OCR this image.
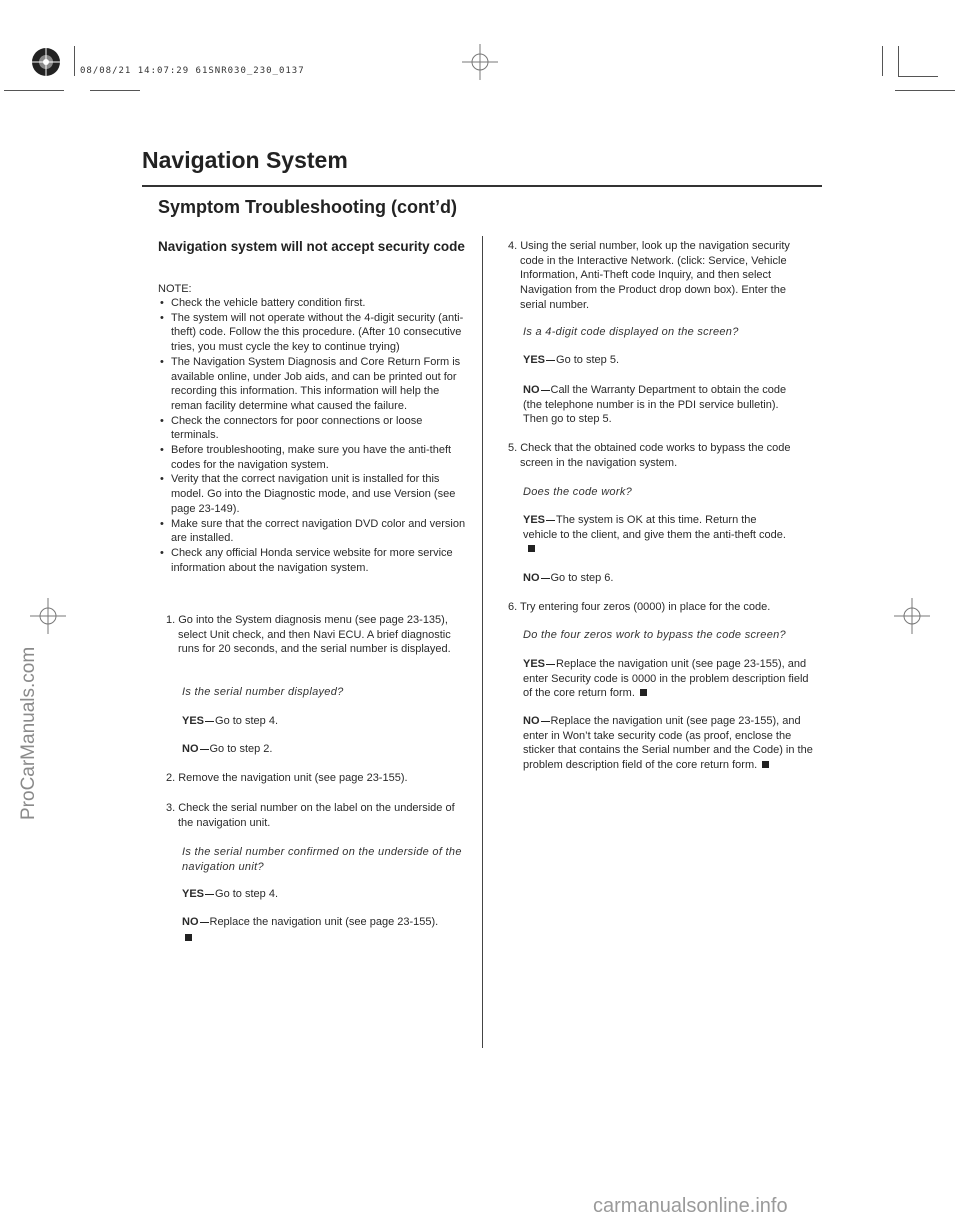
08/08/21 14:07:29 61SNR030_230_0137
ProCarManuals.com
Navigation System
Symptom Troubleshooting (cont’d)
Navigation system will not accept security code
NOTE:
• Check the vehicle battery condition first.
• The system will not operate without the 4-digit security (anti-theft) code. Follow the this procedure. (After 10 consecutive tries, you must cycle the key to continue trying)
• The Navigation System Diagnosis and Core Return Form is available online, under Job aids, and can be printed out for recording this information. This information will help the reman facility determine what caused the failure.
• Check the connectors for poor connections or loose terminals.
• Before troubleshooting, make sure you have the anti-theft codes for the navigation system.
• Verity that the correct navigation unit is installed for this model. Go into the Diagnostic mode, and use Version (see page 23-149).
• Make sure that the correct navigation DVD color and version are installed.
• Check any official Honda service website for more service information about the navigation system.
1. Go into the System diagnosis menu (see page 23-135), select Unit check, and then Navi ECU. A brief diagnostic runs for 20 seconds, and the serial number is displayed.
Is the serial number displayed?
YES Go to step 4.
NO Go to step 2.
2. Remove the navigation unit (see page 23-155).
3. Check the serial number on the label on the underside of the navigation unit.
Is the serial number confirmed on the underside of the navigation unit?
YES Go to step 4.
NO Replace the navigation unit (see page 23-155).
4. Using the serial number, look up the navigation security code in the Interactive Network. (click: Service, Vehicle Information, Anti-Theft code Inquiry, and then select Navigation from the Product drop down box). Enter the serial number.
Is a 4-digit code displayed on the screen?
YES Go to step 5.
NO Call the Warranty Department to obtain the code (the telephone number is in the PDI service bulletin). Then go to step 5.
5. Check that the obtained code works to bypass the code screen in the navigation system.
Does the code work?
YES The system is OK at this time. Return the vehicle to the client, and give them the anti-theft code.
NO Go to step 6.
6. Try entering four zeros (0000) in place for the code.
Do the four zeros work to bypass the code screen?
YES Replace the navigation unit (see page 23-155), and enter Security code is 0000 in the problem description field of the core return form.
NO Replace the navigation unit (see page 23-155), and enter in Won’t take security code (as proof, enclose the sticker that contains the Serial number and the Code) in the problem description field of the core return form.
carmanualsonline.info
